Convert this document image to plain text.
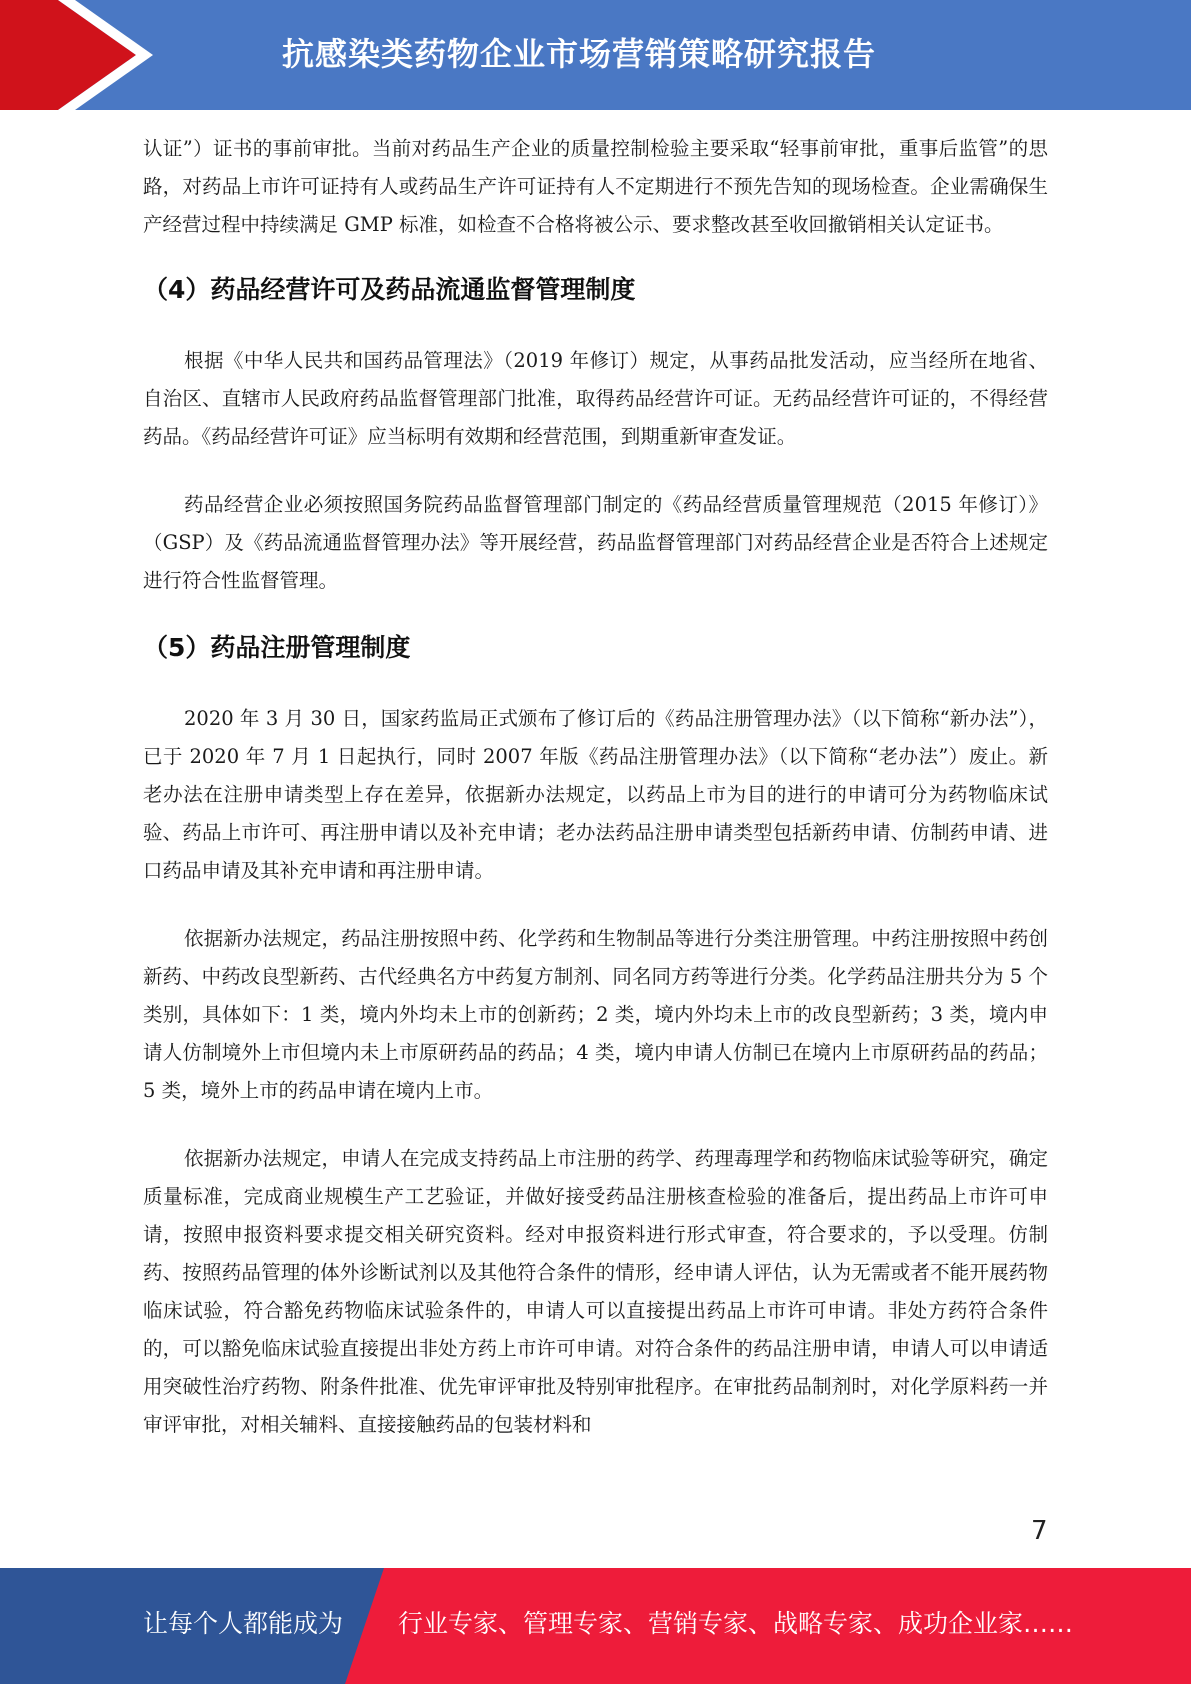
抗感染类药物企业市场营销策略研究报告

认证”）证书的事前审批。当前对药品生产企业的质量控制检验主要采取“轻事前审批，重事后监管”的思路，对药品上市许可证持有人或药品生产许可证持有人不定期进行不预先告知的现场检查。企业需确保生产经营过程中持续满足 GMP 标准，如检查不合格将被公示、要求整改甚至收回撤销相关认定证书。

（4）药品经营许可及药品流通监督管理制度

根据《中华人民共和国药品管理法》（2019 年修订）规定，从事药品批发活动，应当经所在地省、自治区、直辖市人民政府药品监督管理部门批准，取得药品经营许可证。无药品经营许可证的，不得经营药品。《药品经营许可证》应当标明有效期和经营范围，到期重新审查发证。

药品经营企业必须按照国务院药品监督管理部门制定的《药品经营质量管理规范（2015 年修订）》（GSP）及《药品流通监督管理办法》等开展经营，药品监督管理部门对药品经营企业是否符合上述规定进行符合性监督管理。

（5）药品注册管理制度

2020 年 3 月 30 日，国家药监局正式颁布了修订后的《药品注册管理办法》（以下简称“新办法”），已于 2020 年 7 月 1 日起执行，同时 2007 年版《药品注册管理办法》（以下简称“老办法”）废止。新老办法在注册申请类型上存在差异，依据新办法规定，以药品上市为目的进行的申请可分为药物临床试验、药品上市许可、再注册申请以及补充申请；老办法药品注册申请类型包括新药申请、仿制药申请、进口药品申请及其补充申请和再注册申请。

依据新办法规定，药品注册按照中药、化学药和生物制品等进行分类注册管理。中药注册按照中药创新药、中药改良型新药、古代经典名方中药复方制剂、同名同方药等进行分类。化学药品注册共分为 5 个类别，具体如下：1 类，境内外均未上市的创新药；2 类，境内外均未上市的改良型新药；3 类，境内申请人仿制境外上市但境内未上市原研药品的药品；4 类，境内申请人仿制已在境内上市原研药品的药品；5 类，境外上市的药品申请在境内上市。

依据新办法规定，申请人在完成支持药品上市注册的药学、药理毒理学和药物临床试验等研究，确定质量标准，完成商业规模生产工艺验证，并做好接受药品注册核查检验的准备后，提出药品上市许可申请，按照申报资料要求提交相关研究资料。经对申报资料进行形式审查，符合要求的，予以受理。仿制药、按照药品管理的体外诊断试剂以及其他符合条件的情形，经申请人评估，认为无需或者不能开展药物临床试验，符合豁免药物临床试验条件的，申请人可以直接提出药品上市许可申请。非处方药符合条件的，可以豁免临床试验直接提出非处方药上市许可申请。对符合条件的药品注册申请，申请人可以申请适用突破性治疗药物、附条件批准、优先审评审批及特别审批程序。在审批药品制剂时，对化学原料药一并审评审批，对相关辅料、直接接触药品的包装材料和

7
让每个人都能成为 行业专家、管理专家、营销专家、战略专家、成功企业家……
